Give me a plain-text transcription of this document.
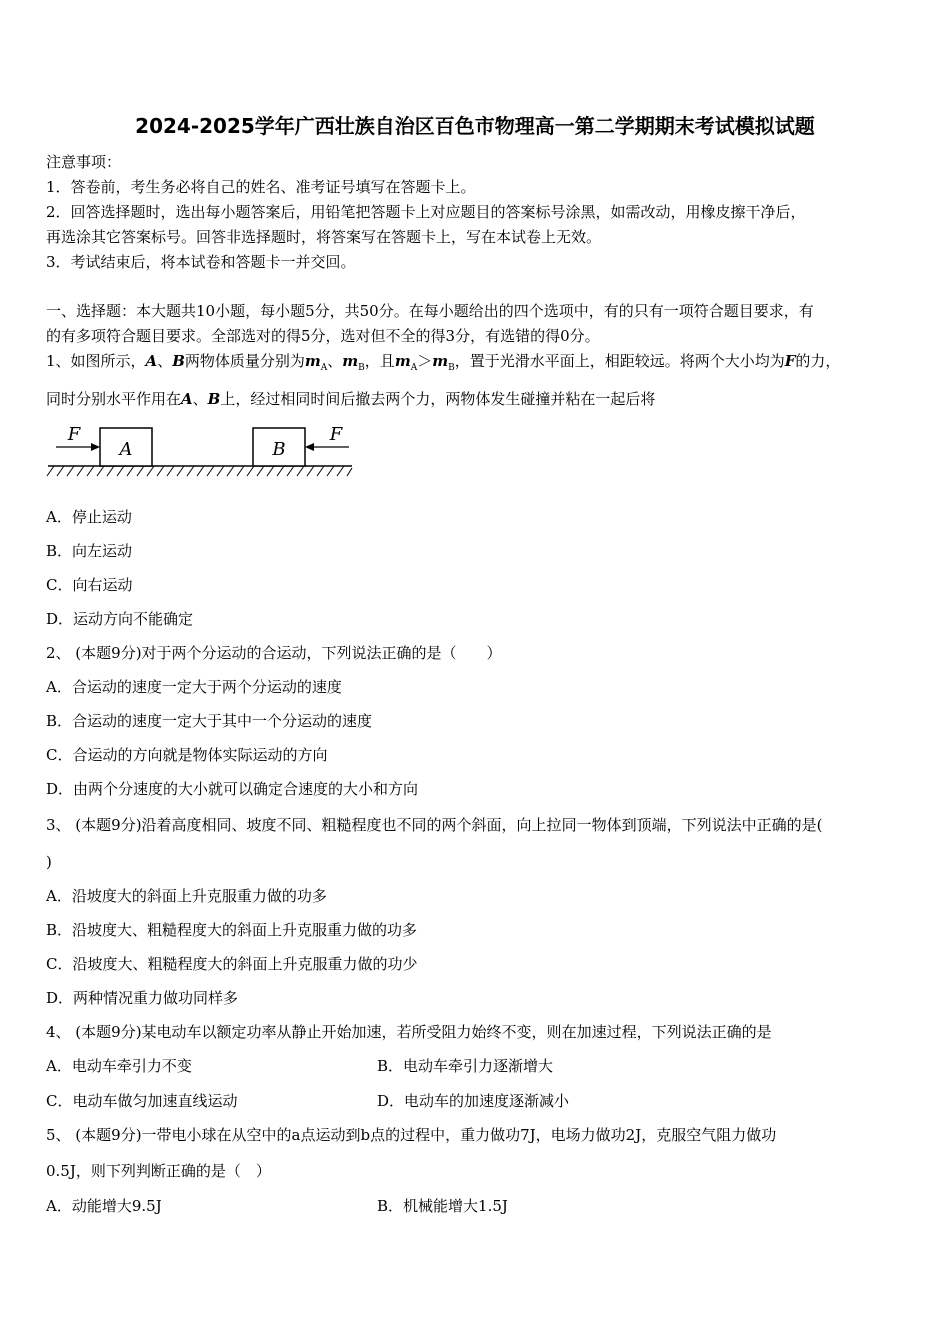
2024-2025学年广西壮族自治区百色市物理高一第二学期期末考试模拟试题
注意事项：
1．答卷前，考生务必将自己的姓名、准考证号填写在答题卡上。
2．回答选择题时，选出每小题答案后，用铅笔把答题卡上对应题目的答案标号涂黑，如需改动，用橡皮擦干净后，
再选涂其它答案标号。回答非选择题时，将答案写在答题卡上，写在本试卷上无效。
3．考试结束后，将本试卷和答题卡一并交回。
一、选择题：本大题共10小题，每小题5分，共50分。在每小题给出的四个选项中，有的只有一项符合题目要求，有
的有多项符合题目要求。全部选对的得5分，选对但不全的得3分，有选错的得0分。
1、如图所示，A、B两物体质量分别为$m_A$、$m_B$，且$m_A>m_B$，置于光滑水平面上，相距较远。将两个大小均为F的力，
同时分别水平作用在A、B上，经过相同时间后撤去两个力，两物体发生碰撞并粘在一起后将
A	B
F	F
A．停止运动
B．向左运动
C．向右运动
D．运动方向不能确定
2、 (本题9分)对于两个分运动的合运动，下列说法正确的是（　　）
A．合运动的速度一定大于两个分运动的速度
B．合运动的速度一定大于其中一个分运动的速度
C．合运动的方向就是物体实际运动的方向
D．由两个分速度的大小就可以确定合速度的大小和方向
3、 (本题9分)沿着高度相同、坡度不同、粗糙程度也不同的两个斜面，向上拉同一物体到顶端，下列说法中正确的是(
)
A．沿坡度大的斜面上升克服重力做的功多
B．沿坡度大、粗糙程度大的斜面上升克服重力做的功多
C．沿坡度大、粗糙程度大的斜面上升克服重力做的功少
D．两种情况重力做功同样多
4、 (本题9分)某电动车以额定功率从静止开始加速，若所受阻力始终不变，则在加速过程，下列说法正确的是
A．电动车牵引力不变	B．电动车牵引力逐渐增大
C．电动车做匀加速直线运动	D．电动车的加速度逐渐减小
5、 (本题9分)一带电小球在从空中的a点运动到b点的过程中，重力做功7J，电场力做功2J，克服空气阻力做功
0.5J，则下列判断正确的是（　）
A．动能增大9.5J	B．机械能增大1.5J
